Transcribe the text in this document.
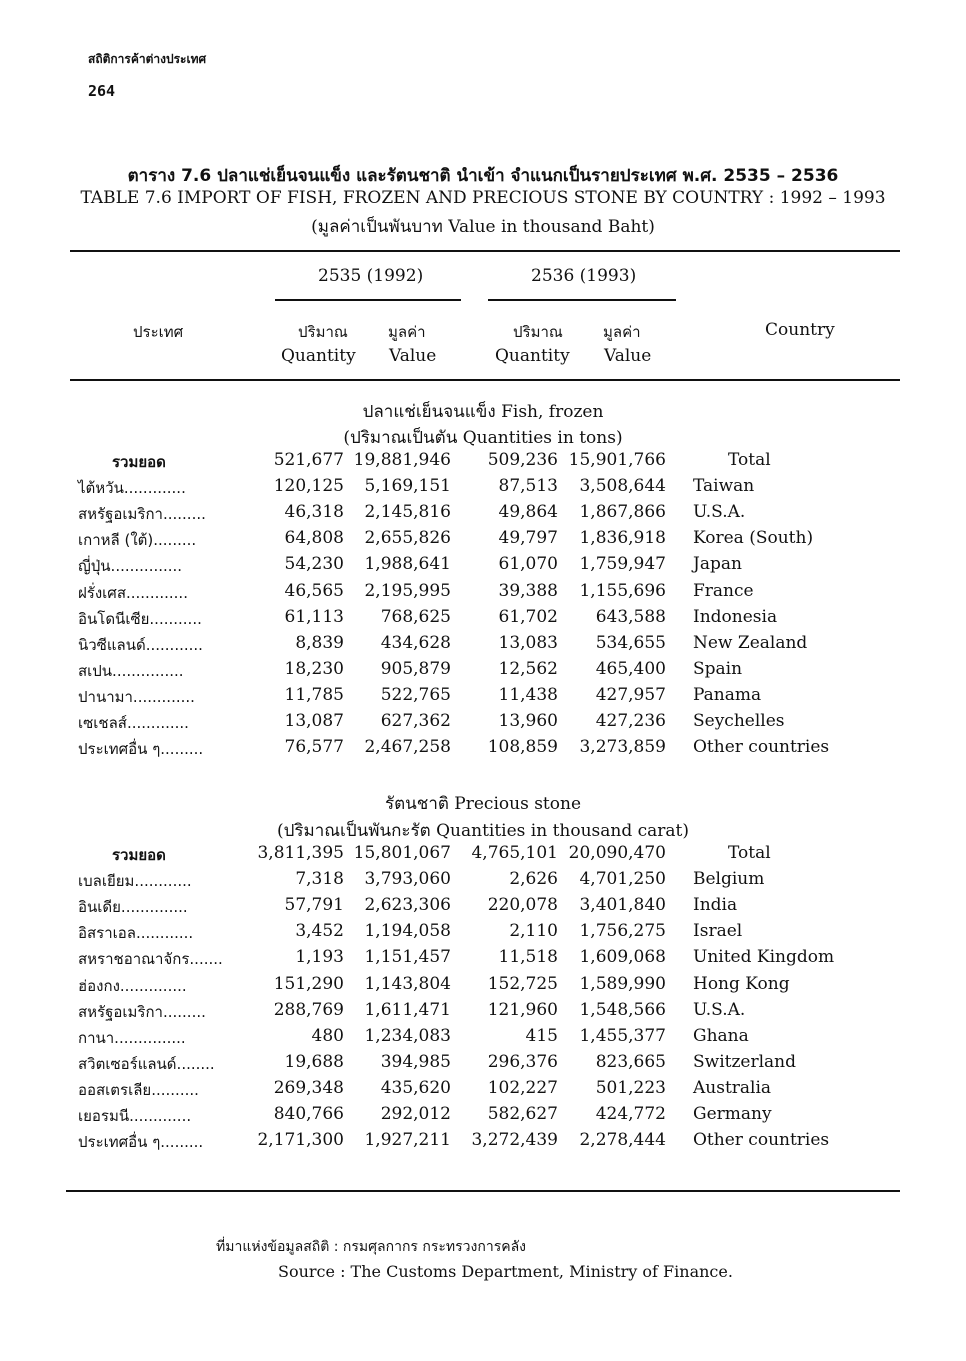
สถิติการค้าต่างประเทศ
264
ตาราง 7.6 ปลาแช่เย็นจนแข็ง และรัตนชาติ นำเข้า จำแนกเป็นรายประเทศ พ.ศ. 2535 – 2536
TABLE 7.6 IMPORT OF FISH, FROZEN AND PRECIOUS STONE BY COUNTRY : 1992 – 1993
(มูลค่าเป็นพันบาท Value in thousand Baht)
2535 (1992)	2536 (1993)
ประเทศ	ปริมาณ	มูลค่า	ปริมาณ	มูลค่า	Country
Quantity Value	Quantity Value
ปลาแช่เย็นจนแข็ง Fish, frozen
(ปริมาณเป็นตัน Quantities in tons)
รวมยอด	521,677 19,881,946 509,236 15,901,766	Total
ไต้หวัน.............	120,125 5,169,151	87,513 3,508,644 Taiwan
สหรัฐอเมริกา.........	46,318 2,145,816	49,864 1,867,866 U.S.A.
เกาหลี (ใต้).........	64,808 2,655,826	49,797 1,836,918 Korea (South)
ญี่ปุ่น...............	54,230 1,988,641	61,070 1,759,947 Japan
ฝรั่งเศส.............	46,565 2,195,995	39,388 1,155,696 France
อินโดนีเซีย...........	61,113 768,625	61,702 643,588 Indonesia
นิวซีแลนด์............	8,839 434,628	13,083 534,655 New Zealand
สเปน...............	18,230 905,879	12,562 465,400 Spain
ปานามา.............	11,785 522,765	11,438 427,957 Panama
เซเชลส์.............	13,087 627,362	13,960 427,236 Seychelles
ประเทศอื่น ๆ.........	76,577 2,467,258 108,859 3,273,859 Other countries
รัตนชาติ Precious stone
(ปริมาณเป็นพันกะรัต Quantities in thousand carat)
รวมยอด	3,811,395 15,801,067 4,765,101 20,090,470	Total
เบลเยียม............	7,318 3,793,060	2,626 4,701,250 Belgium
อินเดีย..............	57,791 2,623,306 220,078 3,401,840 India
อิสราเอล............	3,452 1,194,058	2,110 1,756,275 Israel
สหราชอาณาจักร.......	1,193 1,151,457	11,518 1,609,068 United Kingdom
ฮ่องกง..............	151,290 1,143,804 152,725 1,589,990 Hong Kong
สหรัฐอเมริกา.........	288,769 1,611,471 121,960 1,548,566 U.S.A.
กานา...............	480 1,234,083	415 1,455,377 Ghana
สวิตเซอร์แลนด์........	19,688 394,985 296,376 823,665 Switzerland
ออสเตรเลีย..........	269,348 435,620 102,227 501,223 Australia
เยอรมนี.............	840,766 292,012 582,627 424,772 Germany
ประเทศอื่น ๆ.........	2,171,300 1,927,211 3,272,439 2,278,444 Other countries
ที่มาแห่งข้อมูลสถิติ : กรมศุลกากร กระทรวงการคลัง
Source : The Customs Department, Ministry of Finance.
